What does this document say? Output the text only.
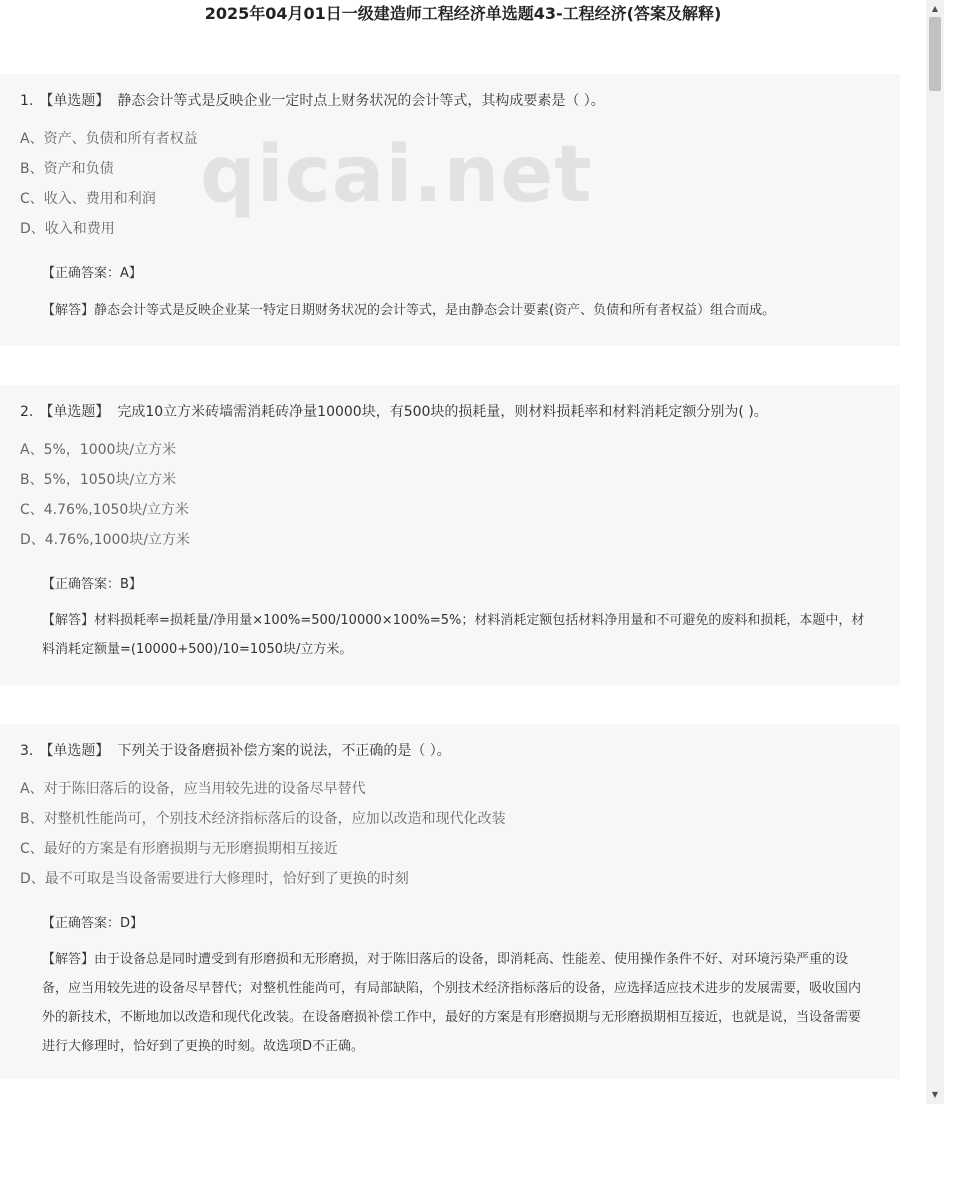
2025年04月01日一级建造师工程经济单选题43-工程经济(答案及解释)
1. 【单选题】 静态会计等式是反映企业一定时点上财务状况的会计等式，其构成要素是（ ）。
A、资产、负债和所有者权益
B、资产和负债
C、收入、费用和利润
D、收入和费用
【正确答案：A】
【解答】静态会计等式是反映企业某一特定日期财务状况的会计等式，是由静态会计要素(资产、负债和所有者权益）组合而成。
2. 【单选题】 完成10立方米砖墙需消耗砖净量10000块，有500块的损耗量，则材料损耗率和材料消耗定额分别为( )。
A、5%，1000块/立方米
B、5%，1050块/立方米
C、4.76%,1050块/立方米
D、4.76%,1000块/立方米
【正确答案：B】
【解答】材料损耗率=损耗量/净用量×100%=500/10000×100%=5%；材料消耗定额包括材料净用量和不可避免的废料和损耗，本题中，材料消耗定额量=(10000+500)/10=1050块/立方米。
3. 【单选题】 下列关于设备磨损补偿方案的说法，不正确的是（ ）。
A、对于陈旧落后的设备，应当用较先进的设备尽早替代
B、对整机性能尚可，个别技术经济指标落后的设备，应加以改造和现代化改装
C、最好的方案是有形磨损期与无形磨损期相互接近
D、最不可取是当设备需要进行大修理时，恰好到了更换的时刻
【正确答案：D】
【解答】由于设备总是同时遭受到有形磨损和无形磨损，对于陈旧落后的设备，即消耗高、性能差、使用操作条件不好、对环境污染严重的设备，应当用较先进的设备尽早替代；对整机性能尚可，有局部缺陷，个别技术经济指标落后的设备，应选择适应技术进步的发展需要，吸收国内外的新技术，不断地加以改造和现代化改装。在设备磨损补偿工作中，最好的方案是有形磨损期与无形磨损期相互接近，也就是说，当设备需要进行大修理时，恰好到了更换的时刻。故选项D不正确。
qicai.net
▲
▼
